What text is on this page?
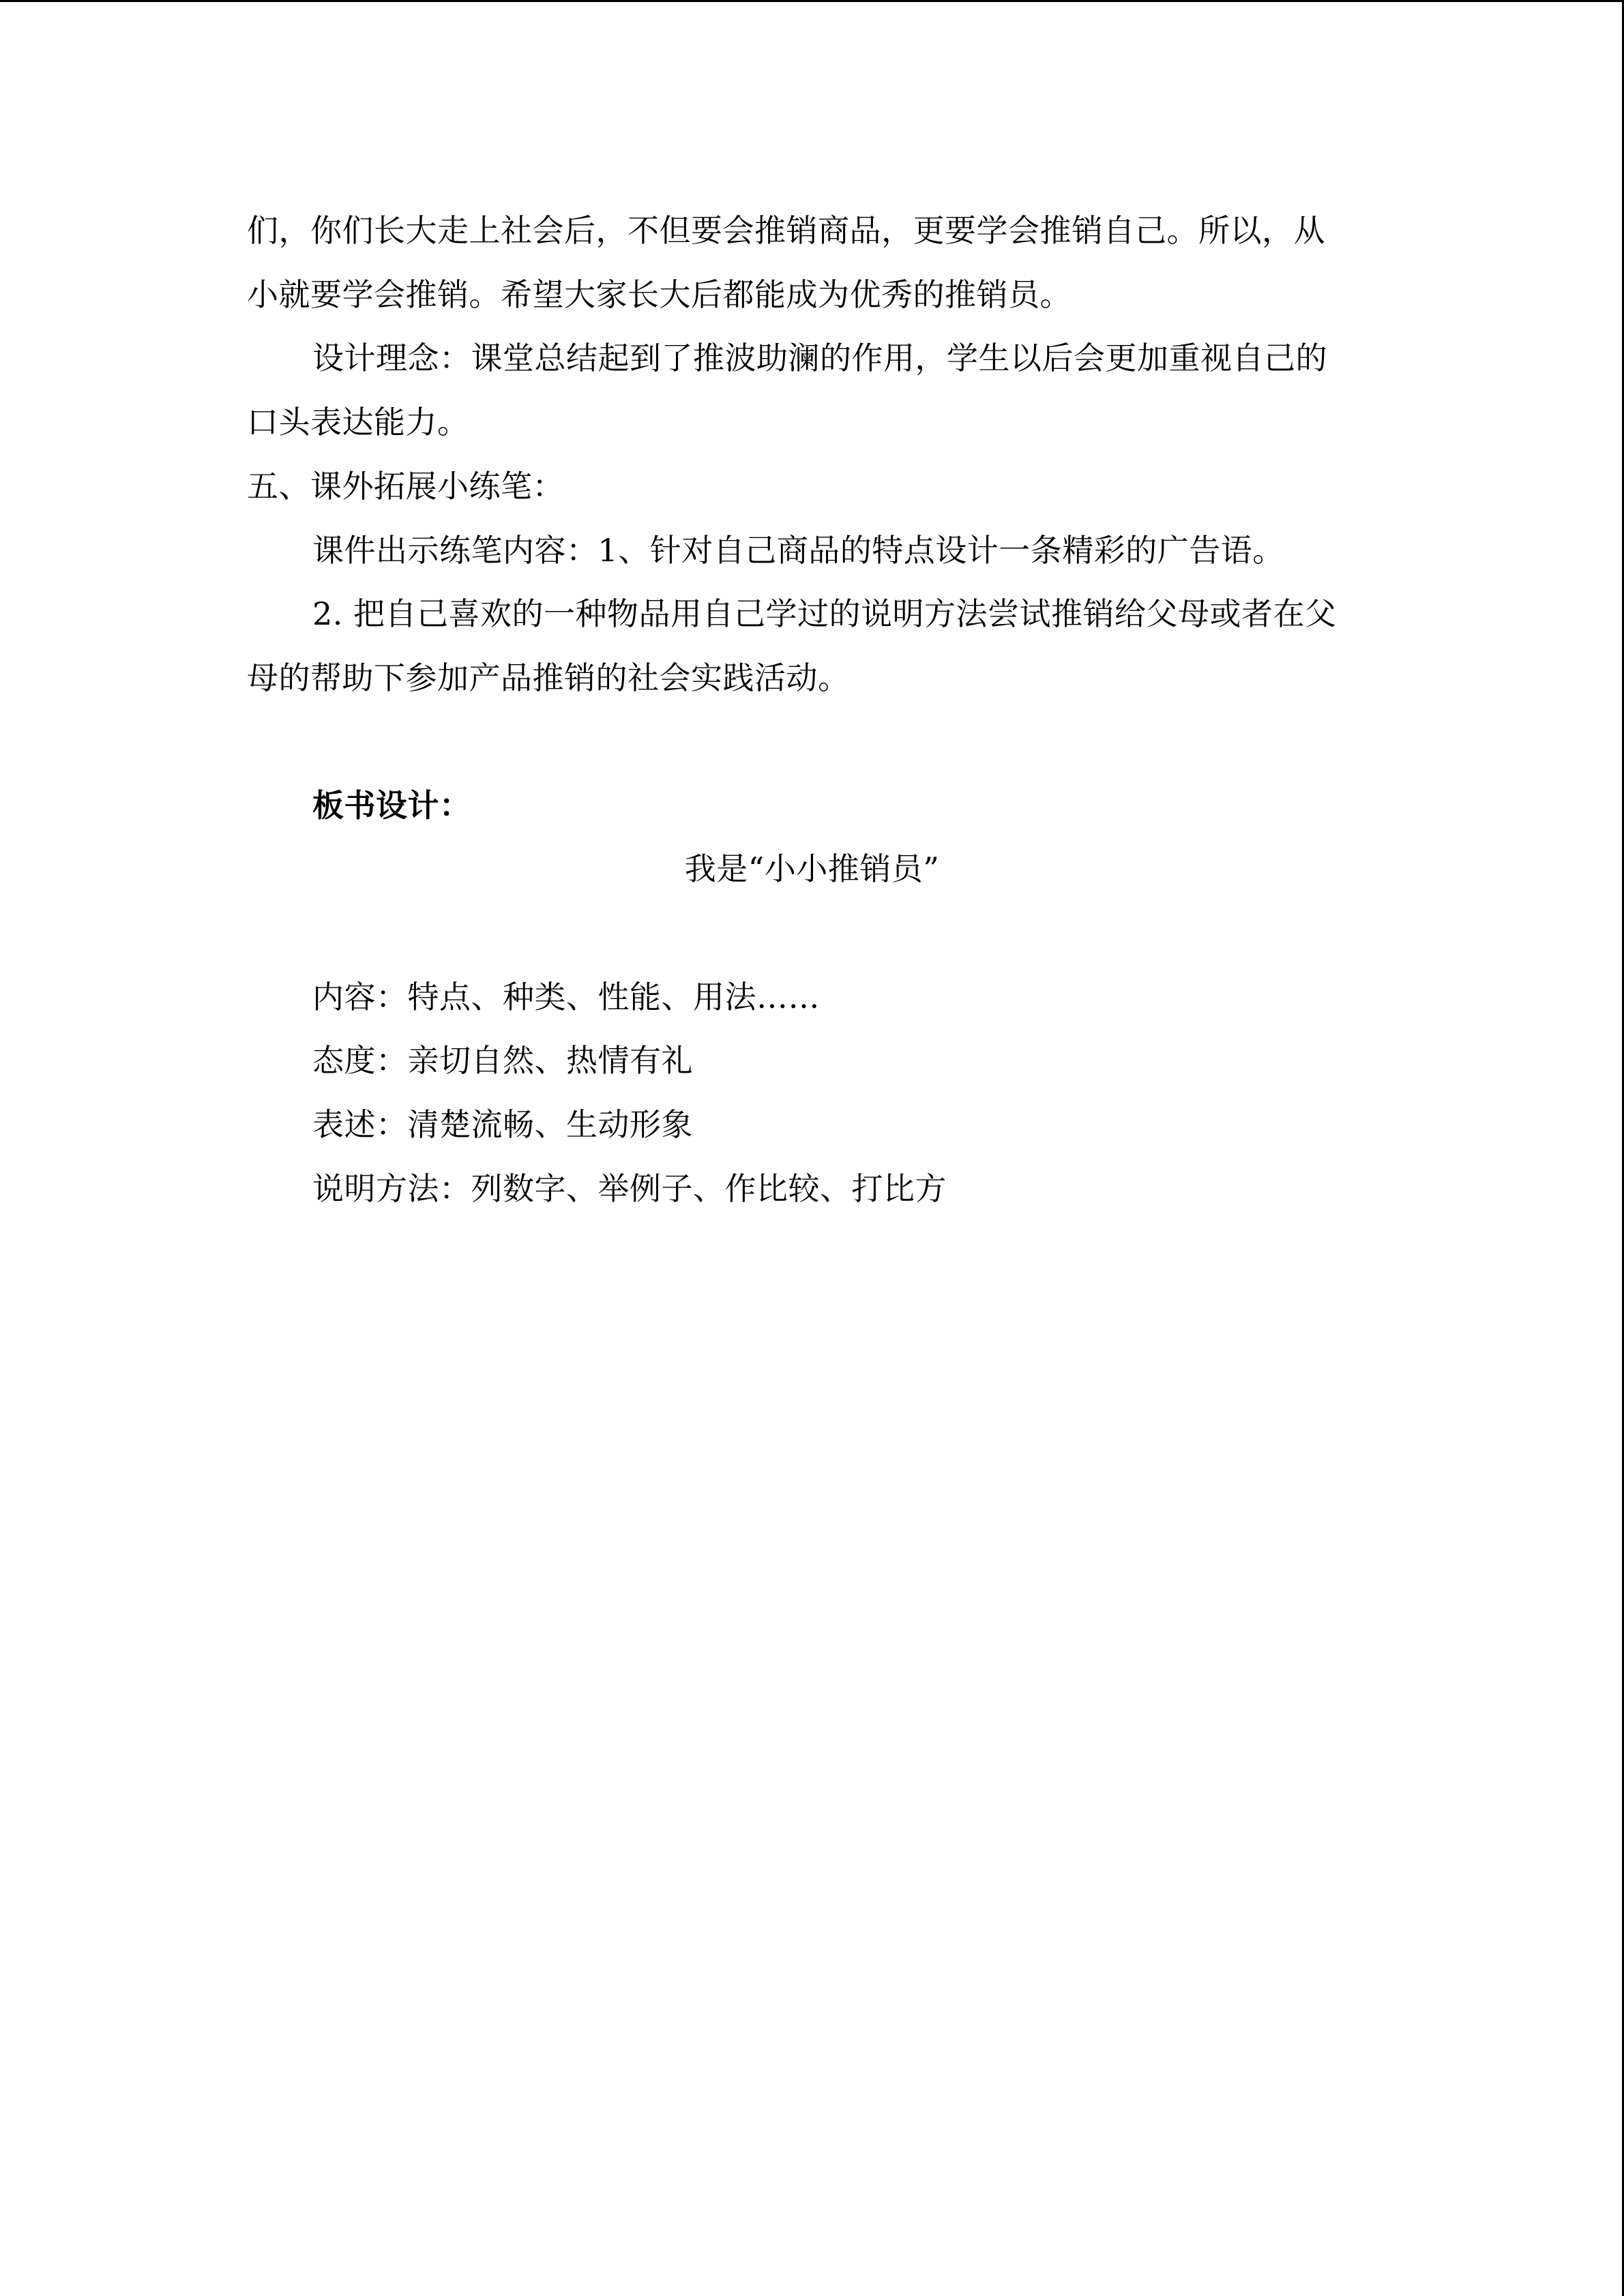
们，你们长大走上社会后，不但要会推销商品，更要学会推销自己。所以，从
小就要学会推销。希望大家长大后都能成为优秀的推销员。
设计理念：课堂总结起到了推波助澜的作用，学生以后会更加重视自己的
口头表达能力。
五、课外拓展小练笔：
课件出示练笔内容：1、针对自己商品的特点设计一条精彩的广告语。
2. 把自己喜欢的一种物品用自己学过的说明方法尝试推销给父母或者在父
母的帮助下参加产品推销的社会实践活动。
板书设计：
我是“小小推销员”
内容：特点、种类、性能、用法……
态度：亲切自然、热情有礼
表述：清楚流畅、生动形象
说明方法：列数字、举例子、作比较、打比方
